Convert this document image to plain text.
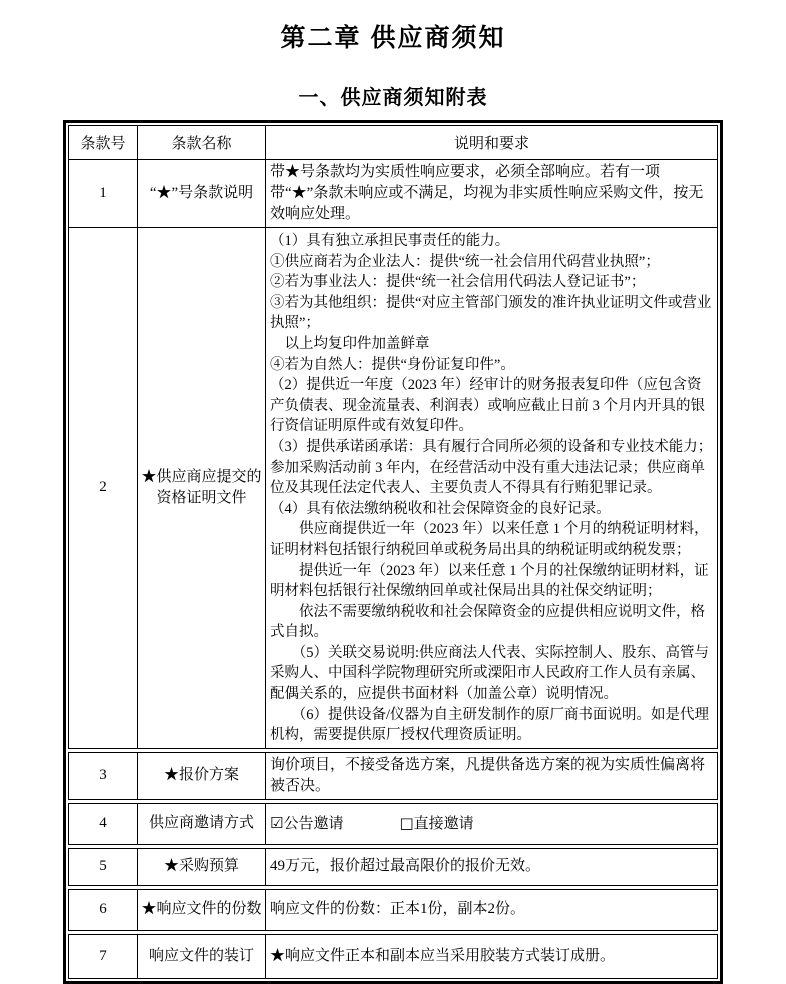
第二章 供应商须知
一、供应商须知附表
条款号	条款名称	说明和要求
1	“★”号条款说明	带★号条款均为实质性响应要求，必须全部响应。若有一项带“★”条款未响应或不满足，均视为非实质性响应采购文件，按无效响应处理。
2	★供应商应提交的资格证明文件	（1）具有独立承担民事责任的能力。
①供应商若为企业法人：提供“统一社会信用代码营业执照”；
②若为事业法人：提供“统一社会信用代码法人登记证书”；
③若为其他组织：提供“对应主管部门颁发的准许执业证明文件或营业执照”；
　以上均复印件加盖鲜章
④若为自然人：提供“身份证复印件”。
（2）提供近一年度（2023 年）经审计的财务报表复印件（应包含资产负债表、现金流量表、利润表）或响应截止日前 3 个月内开具的银行资信证明原件或有效复印件。
（3）提供承诺函承诺：具有履行合同所必须的设备和专业技术能力；参加采购活动前 3 年内，在经营活动中没有重大违法记录；供应商单位及其现任法定代表人、主要负责人不得具有行贿犯罪记录。
（4）具有依法缴纳税收和社会保障资金的良好记录。
　　供应商提供近一年（2023 年）以来任意 1 个月的纳税证明材料，证明材料包括银行纳税回单或税务局出具的纳税证明或纳税发票；
　　提供近一年（2023 年）以来任意 1 个月的社保缴纳证明材料，证明材料包括银行社保缴纳回单或社保局出具的社保交纳证明；
　　依法不需要缴纳税收和社会保障资金的应提供相应说明文件，格式自拟。
　　（5）关联交易说明:供应商法人代表、实际控制人、股东、高管与采购人、中国科学院物理研究所或溧阳市人民政府工作人员有亲属、配偶关系的，应提供书面材料（加盖公章）说明情况。
　　（6）提供设备/仪器为自主研发制作的原厂商书面说明。如是代理机构，需要提供原厂授权代理资质证明。
3	★报价方案	询价项目，不接受备选方案，凡提供备选方案的视为实质性偏离将被否决。
4	供应商邀请方式	☑公告邀请	□直接邀请
5	★采购预算	49万元，报价超过最高限价的报价无效。
6	★响应文件的份数	响应文件的份数：正本1份，副本2份。
7	响应文件的装订	★响应文件正本和副本应当采用胶装方式装订成册。
